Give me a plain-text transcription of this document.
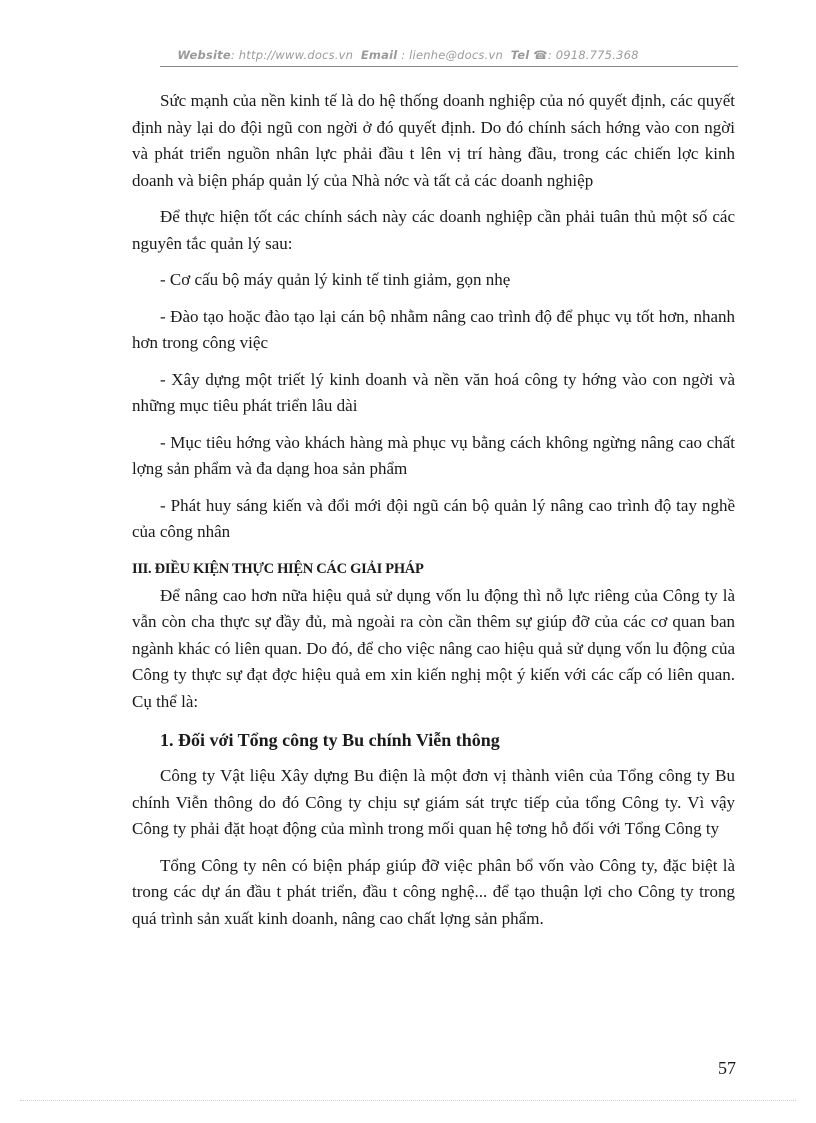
Website: http://www.docs.vn Email : lienhe@docs.vn Tel ☎: 0918.775.368

Sức mạnh của nền kinh tế là do hệ thống doanh nghiệp của nó quyết định, các quyết định này lại do đội ngũ con ngời ở đó quyết định. Do đó chính sách hớng vào con ngời và phát triển nguồn nhân lực phải đầu t lên vị trí hàng đầu, trong các chiến lợc kinh doanh và biện pháp quản lý của Nhà nớc và tất cả các doanh nghiệp

Để thực hiện tốt các chính sách này các doanh nghiệp cần phải tuân thủ một số các nguyên tắc quản lý sau:

- Cơ cấu bộ máy quản lý kinh tế tinh giảm, gọn nhẹ

- Đào tạo hoặc đào tạo lại cán bộ nhằm nâng cao trình độ để phục vụ tốt hơn, nhanh hơn trong công việc

- Xây dựng một triết lý kinh doanh và nền văn hoá công ty hớng vào con ngời và những mục tiêu phát triển lâu dài

- Mục tiêu hớng vào khách hàng mà phục vụ bằng cách không ngừng nâng cao chất lợng sản phẩm và đa dạng hoa sản phẩm

- Phát huy sáng kiến và đổi mới đội ngũ cán bộ quản lý nâng cao trình độ tay nghề của công nhân

III. ĐIỀU KIỆN THỰC HIỆN CÁC GIẢI PHÁP

Để nâng cao hơn nữa hiệu quả sử dụng vốn lu động thì nỗ lực riêng của Công ty là vẫn còn cha thực sự đầy đủ, mà ngoài ra còn cần thêm sự giúp đỡ của các cơ quan ban ngành khác có liên quan. Do đó, để cho việc nâng cao hiệu quả sử dụng vốn lu động của Công ty thực sự đạt đợc hiệu quả em xin kiến nghị một ý kiến với các cấp có liên quan. Cụ thể là:

1. Đối với Tổng công ty Bu chính Viễn thông

Công ty Vật liệu Xây dựng Bu điện là một đơn vị thành viên của Tổng công ty Bu chính Viễn thông do đó Công ty chịu sự giám sát trực tiếp của tổng Công ty. Vì vậy Công ty phải đặt hoạt động của mình trong mối quan hệ tơng hỗ đối với Tổng Công ty

Tổng Công ty nên có biện pháp giúp đỡ việc phân bổ vốn vào Công ty, đặc biệt là trong các dự án đầu t phát triển, đầu t công nghệ... để tạo thuận lợi cho Công ty trong quá trình sản xuất kinh doanh, nâng cao chất lợng sản phẩm.

57
